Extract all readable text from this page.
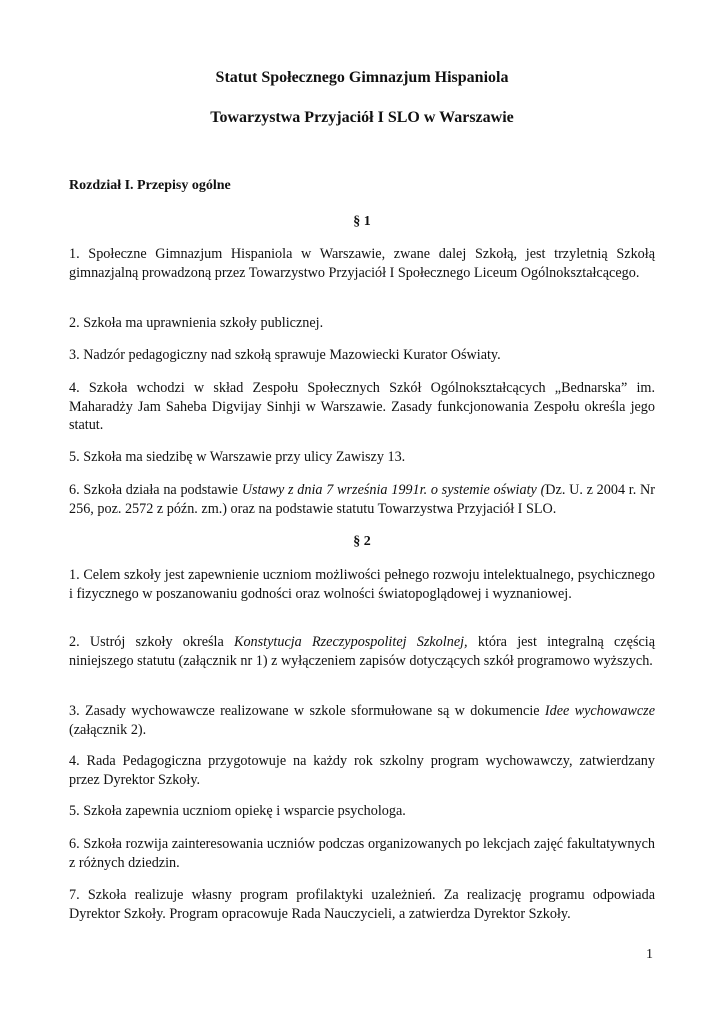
Statut Społecznego Gimnazjum Hispaniola
Towarzystwa Przyjaciół I SLO w Warszawie
Rozdział I. Przepisy ogólne
§ 1

1. Społeczne Gimnazjum Hispaniola w Warszawie, zwane dalej Szkołą, jest trzyletnią Szkołą gimnazjalną prowadzoną przez Towarzystwo Przyjaciół I Społecznego Liceum Ogólnokształcącego.

2. Szkoła ma uprawnienia szkoły publicznej.

3. Nadzór pedagogiczny nad szkołą sprawuje Mazowiecki Kurator Oświaty.

4. Szkoła wchodzi w skład Zespołu Społecznych Szkół Ogólnokształcących „Bednarska” im. Maharadży Jam Saheba Digvijay Sinhji w Warszawie. Zasady funkcjonowania Zespołu określa jego statut.

5. Szkoła ma siedzibę w Warszawie przy ulicy Zawiszy 13.

6. Szkoła działa na podstawie Ustawy z dnia 7 września 1991r. o systemie oświaty (Dz. U. z 2004 r. Nr 256, poz. 2572 z późn. zm.) oraz na podstawie statutu Towarzystwa Przyjaciół I SLO.

§ 2

1. Celem szkoły jest zapewnienie uczniom możliwości pełnego rozwoju intelektualnego, psychicznego i fizycznego w poszanowaniu godności oraz wolności światopoglądowej i wyznaniowej.

2. Ustrój szkoły określa Konstytucja Rzeczypospolitej Szkolnej, która jest integralną częścią niniejszego statutu (załącznik nr 1) z wyłączeniem zapisów dotyczących szkół programowo wyższych.

3. Zasady wychowawcze realizowane w szkole sformułowane są w dokumencie Idee wychowawcze (załącznik 2).

4. Rada Pedagogiczna przygotowuje na każdy rok szkolny program wychowawczy, zatwierdzany przez Dyrektor Szkoły.

5. Szkoła zapewnia uczniom opiekę i wsparcie psychologa.

6. Szkoła rozwija zainteresowania uczniów podczas organizowanych po lekcjach zajęć fakultatywnych z różnych dziedzin.

7. Szkoła realizuje własny program profilaktyki uzależnień. Za realizację programu odpowiada Dyrektor Szkoły. Program opracowuje Rada Nauczycieli, a zatwierdza Dyrektor Szkoły.

1
